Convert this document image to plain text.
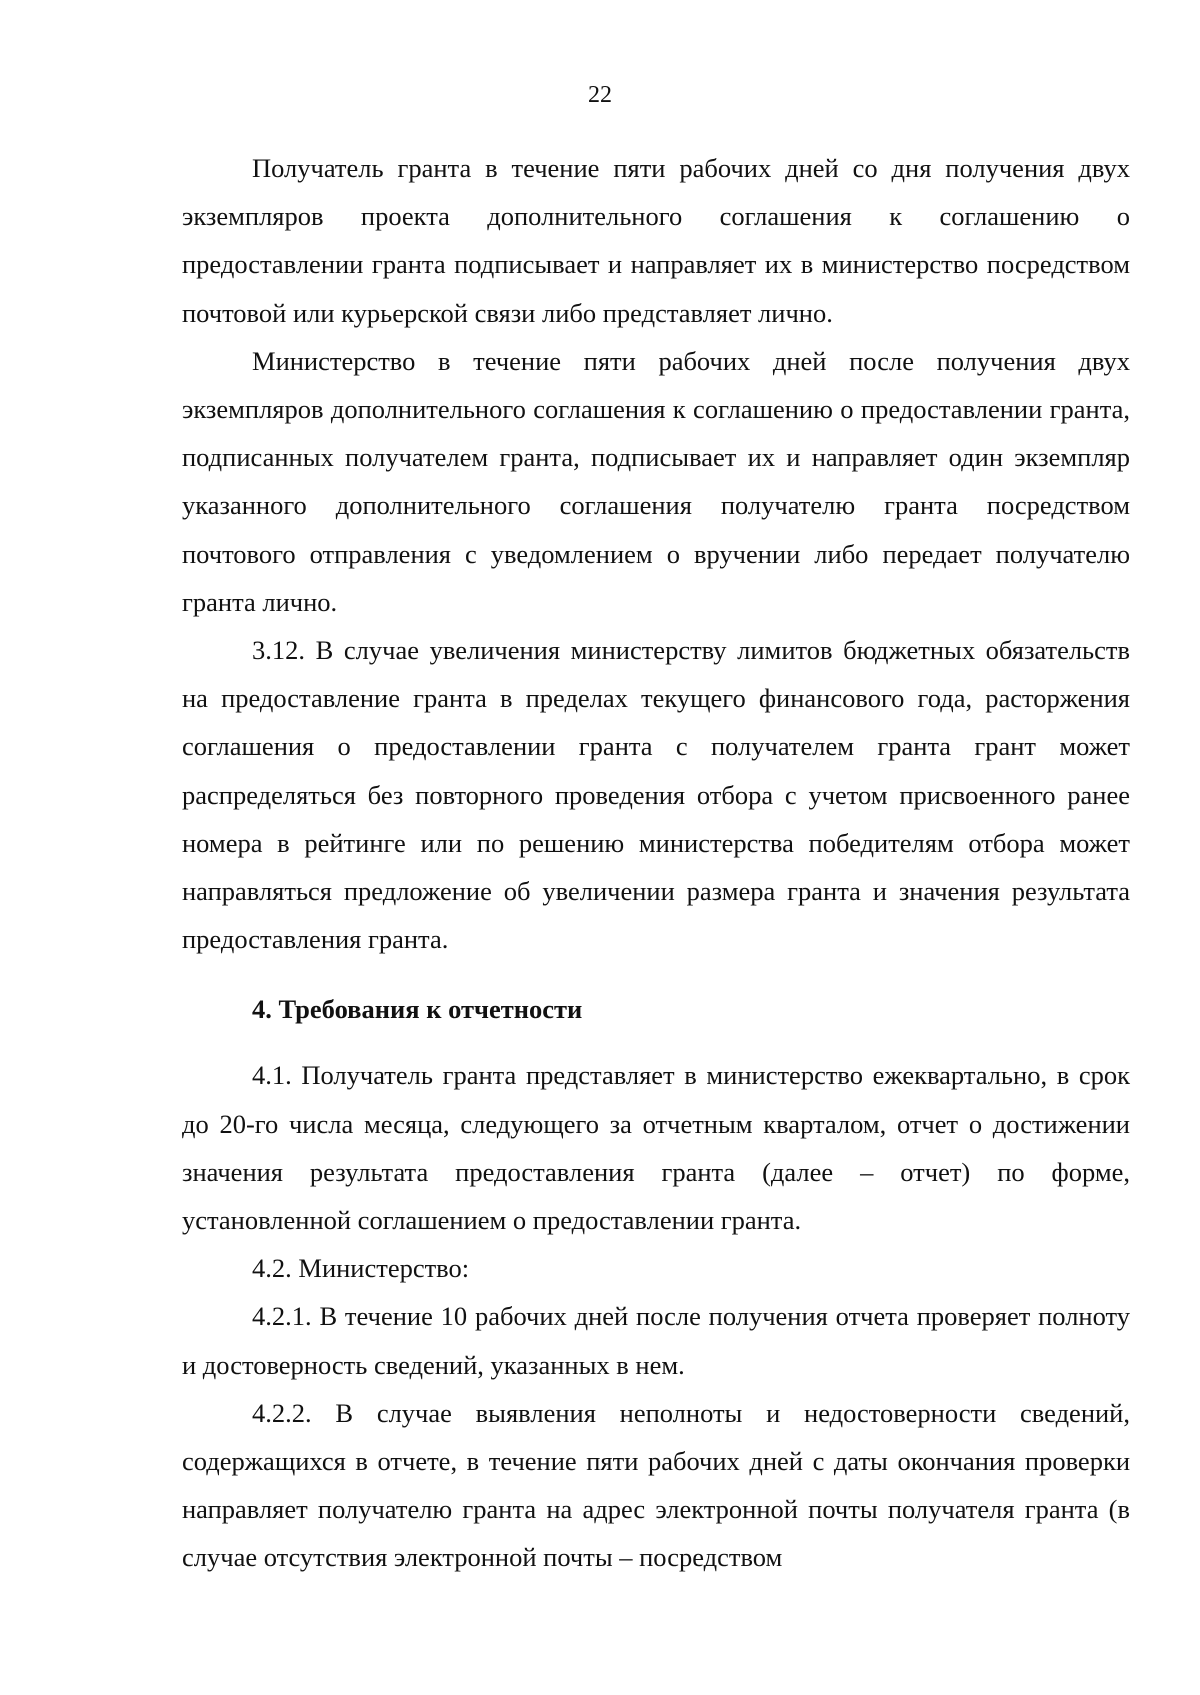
22

Получатель гранта в течение пяти рабочих дней со дня получения двух экземпляров проекта дополнительного соглашения к соглашению о предоставлении гранта подписывает и направляет их в министерство посредством почтовой или курьерской связи либо представляет лично.

Министерство в течение пяти рабочих дней после получения двух экземпляров дополнительного соглашения к соглашению о предоставлении гранта, подписанных получателем гранта, подписывает их и направляет один экземпляр указанного дополнительного соглашения получателю гранта посредством почтового отправления с уведомлением о вручении либо передает получателю гранта лично.

3.12. В случае увеличения министерству лимитов бюджетных обязательств на предоставление гранта в пределах текущего финансового года, расторжения соглашения о предоставлении гранта с получателем гранта грант может распределяться без повторного проведения отбора с учетом присвоенного ранее номера в рейтинге или по решению министерства победителям отбора может направляться предложение об увеличении размера гранта и значения результата предоставления гранта.

4. Требования к отчетности

4.1. Получатель гранта представляет в министерство ежеквартально, в срок до 20-го числа месяца, следующего за отчетным кварталом, отчет о достижении значения результата предоставления гранта (далее – отчет) по форме, установленной соглашением о предоставлении гранта.

4.2. Министерство:

4.2.1. В течение 10 рабочих дней после получения отчета проверяет полноту и достоверность сведений, указанных в нем.

4.2.2. В случае выявления неполноты и недостоверности сведений, содержащихся в отчете, в течение пяти рабочих дней с даты окончания проверки направляет получателю гранта на адрес электронной почты получателя гранта (в случае отсутствия электронной почты – посредством
